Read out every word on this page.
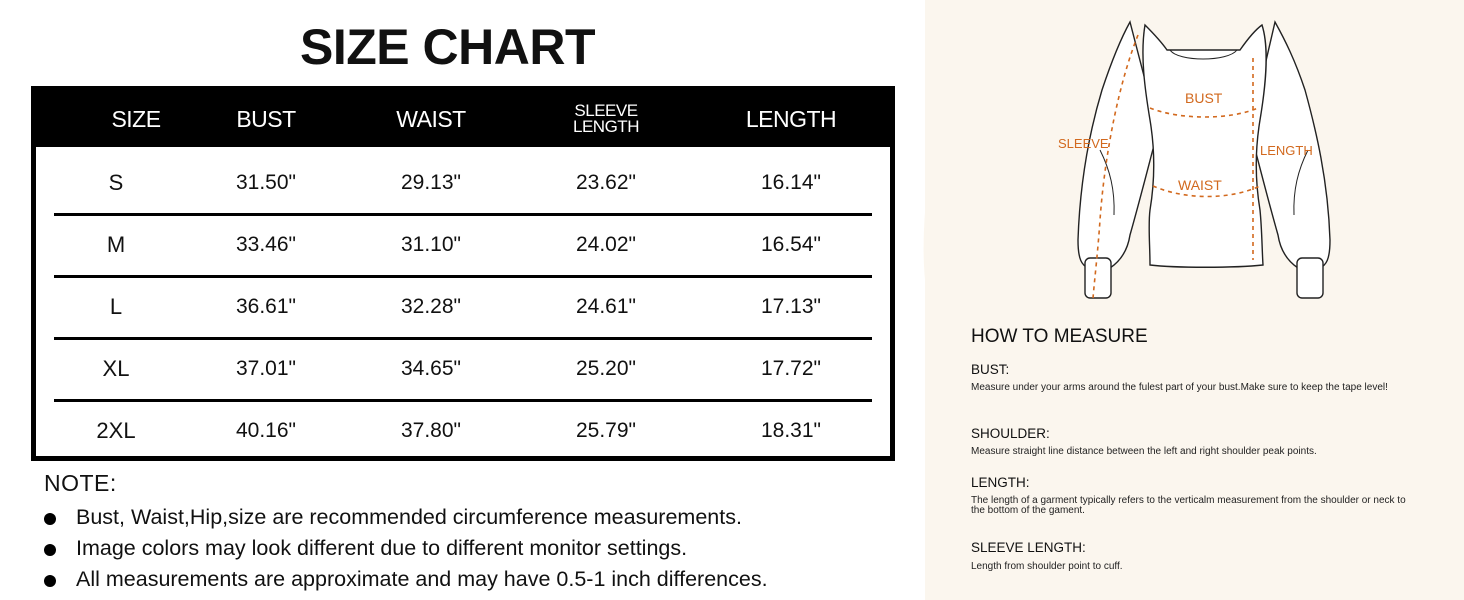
SIZE CHART
SIZE	BUST	WAIST	SLEEVE LENGTH	LENGTH
S	31.50"	29.13"	23.62"	16.14"
M	33.46"	31.10"	24.02"	16.54"
L	36.61"	32.28"	24.61"	17.13"
XL	37.01"	34.65"	25.20"	17.72"
2XL	40.16"	37.80"	25.79"	18.31"
NOTE:
Bust, Waist,Hip,size are recommended circumference measurements.
Image colors may look different due to different monitor settings.
All measurements are approximate and may have 0.5-1 inch differences.
BUST
SLEEVE	LENGTH
WAIST
HOW TO MEASURE
BUST:
Measure under your arms around the fulest part of your bust.Make sure to keep the tape level!
SHOULDER:
Measure straight line distance between the left and right shoulder peak points.
LENGTH:
The length of a garment typically refers to the verticalm measurement from the shoulder or neck to the bottom of the gament.
SLEEVE LENGTH:
Length from shoulder point to cuff.
